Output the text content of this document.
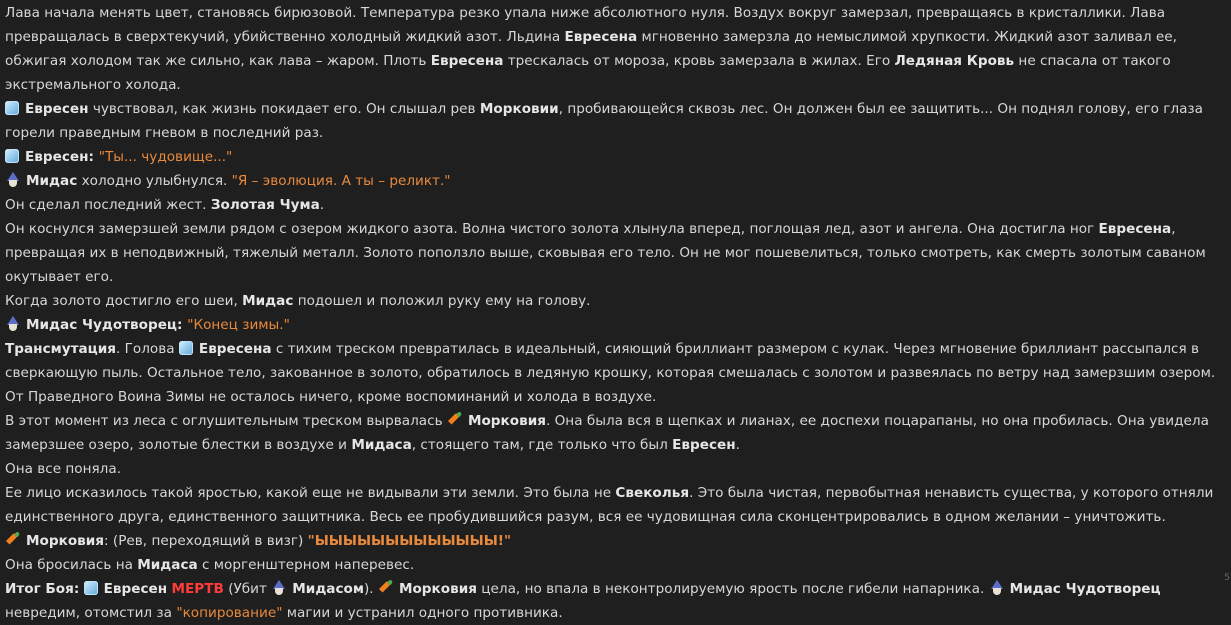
Лава начала менять цвет, становясь бирюзовой. Температура резко упала ниже абсолютного нуля. Воздух вокруг замерзал, превращаясь в кристаллики. Лава превращалась в сверхтекучий, убийственно холодный жидкий азот. Льдина Евресена мгновенно замерзла до немыслимой хрупкости. Жидкий азот заливал ее, обжигая холодом так же сильно, как лава – жаром. Плоть Евресена трескалась от мороза, кровь замерзала в жилах. Его Ледяная Кровь не спасала от такого экстремального холода.

Евресен чувствовал, как жизнь покидает его. Он слышал рев Морковии, пробивающейся сквозь лес. Он должен был ее защитить... Он поднял голову, его глаза горели праведным гневом в последний раз.

Евресен: "Ты... чудовище..."

Мидас холодно улыбнулся. "Я – эволюция. А ты – реликт."

Он сделал последний жест. Золотая Чума.

Он коснулся замерзшей земли рядом с озером жидкого азота. Волна чистого золота хлынула вперед, поглощая лед, азот и ангела. Она достигла ног Евресена, превращая их в неподвижный, тяжелый металл. Золото поползло выше, сковывая его тело. Он не мог пошевелиться, только смотреть, как смерть золотым саваном окутывает его.

Когда золото достигло его шеи, Мидас подошел и положил руку ему на голову.

Мидас Чудотворец: "Конец зимы."

Трансмутация. Голова Евресена с тихим треском превратилась в идеальный, сияющий бриллиант размером с кулак. Через мгновение бриллиант рассыпался в сверкающую пыль. Остальное тело, закованное в золото, обратилось в ледяную крошку, которая смешалась с золотом и развеялась по ветру над замерзшим озером. От Праведного Воина Зимы не осталось ничего, кроме воспоминаний и холода в воздухе.

В этот момент из леса с оглушительным треском вырвалась Морковия. Она была вся в щепках и лианах, ее доспехи поцарапаны, но она пробилась. Она увидела замерзшее озеро, золотые блестки в воздухе и Мидаса, стоящего там, где только что был Евресен.

Она все поняла.

Ее лицо исказилось такой яростью, какой еще не видывали эти земли. Это была не Свеколья. Это была чистая, первобытная ненависть существа, у которого отняли единственного друга, единственного защитника. Весь ее пробудившийся разум, вся ее чудовищная сила сконцентрировались в одном желании – уничтожить.

Морковия: (Рев, переходящий в визг) "ЫЫЫЫЫЫЫЫЫЫЫЫЫ!"

Она бросилась на Мидаса с моргенштерном наперевес.

Итог Боя: Евресен МЕРТВ (Убит Мидасом). Морковия цела, но впала в неконтролируемую ярость после гибели напарника. Мидас Чудотворец невредим, отомстил за "копирование" магии и устранил одного противника.

5
